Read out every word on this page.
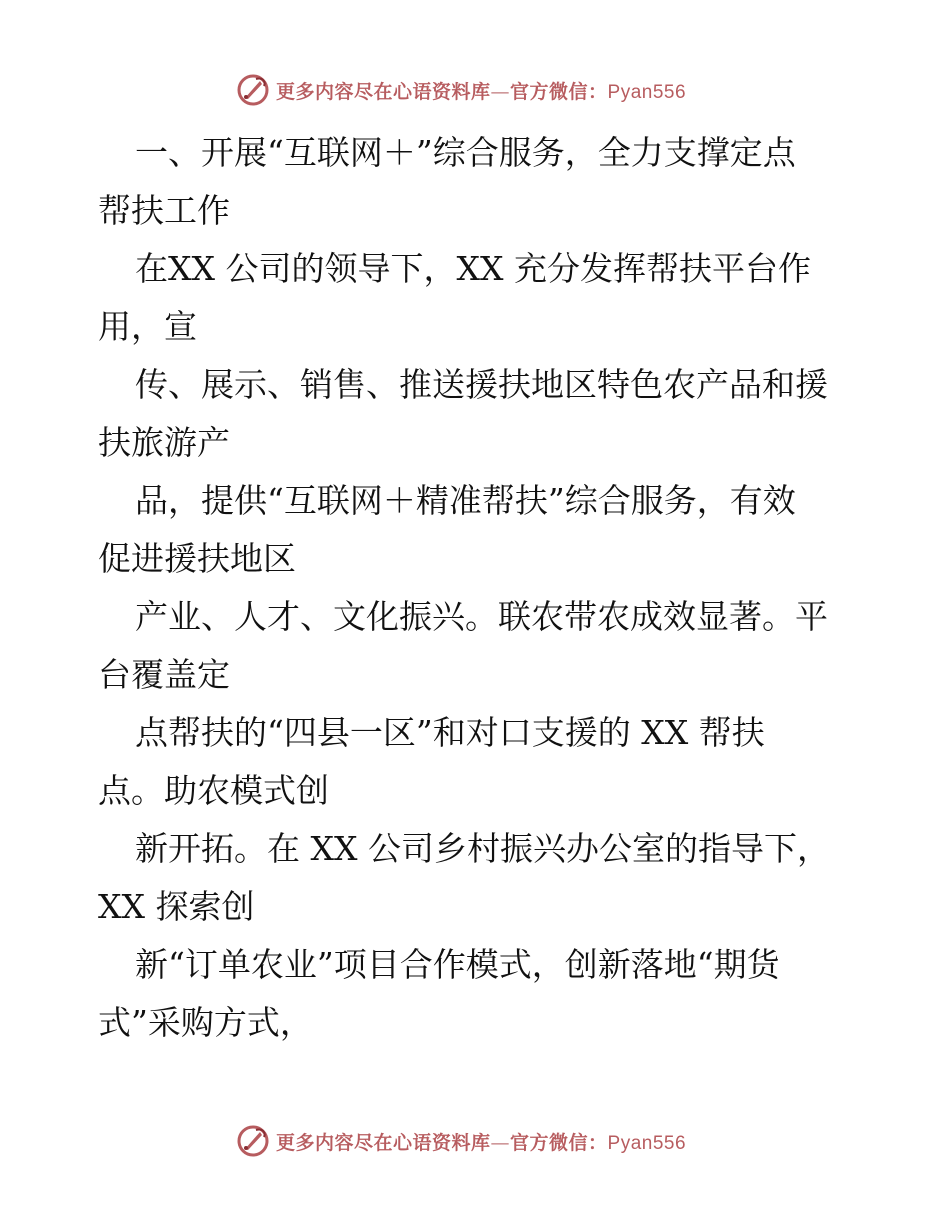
更多内容尽在心语资料库—官方微信：Pyan556
一、开展“互联网＋”综合服务，全力支撑定点
帮扶工作
在XX 公司的领导下，XX 充分发挥帮扶平台作
用，宣
传、展示、销售、推送援扶地区特色农产品和援
扶旅游产
品，提供“互联网＋精准帮扶”综合服务，有效
促进援扶地区
产业、人才、文化振兴。联农带农成效显著。平
台覆盖定
点帮扶的“四县一区”和对口支援的 XX 帮扶
点。助农模式创
新开拓。在 XX 公司乡村振兴办公室的指导下，
XX 探索创
新“订单农业”项目合作模式，创新落地“期货
式”采购方式，
更多内容尽在心语资料库—官方微信：Pyan556
